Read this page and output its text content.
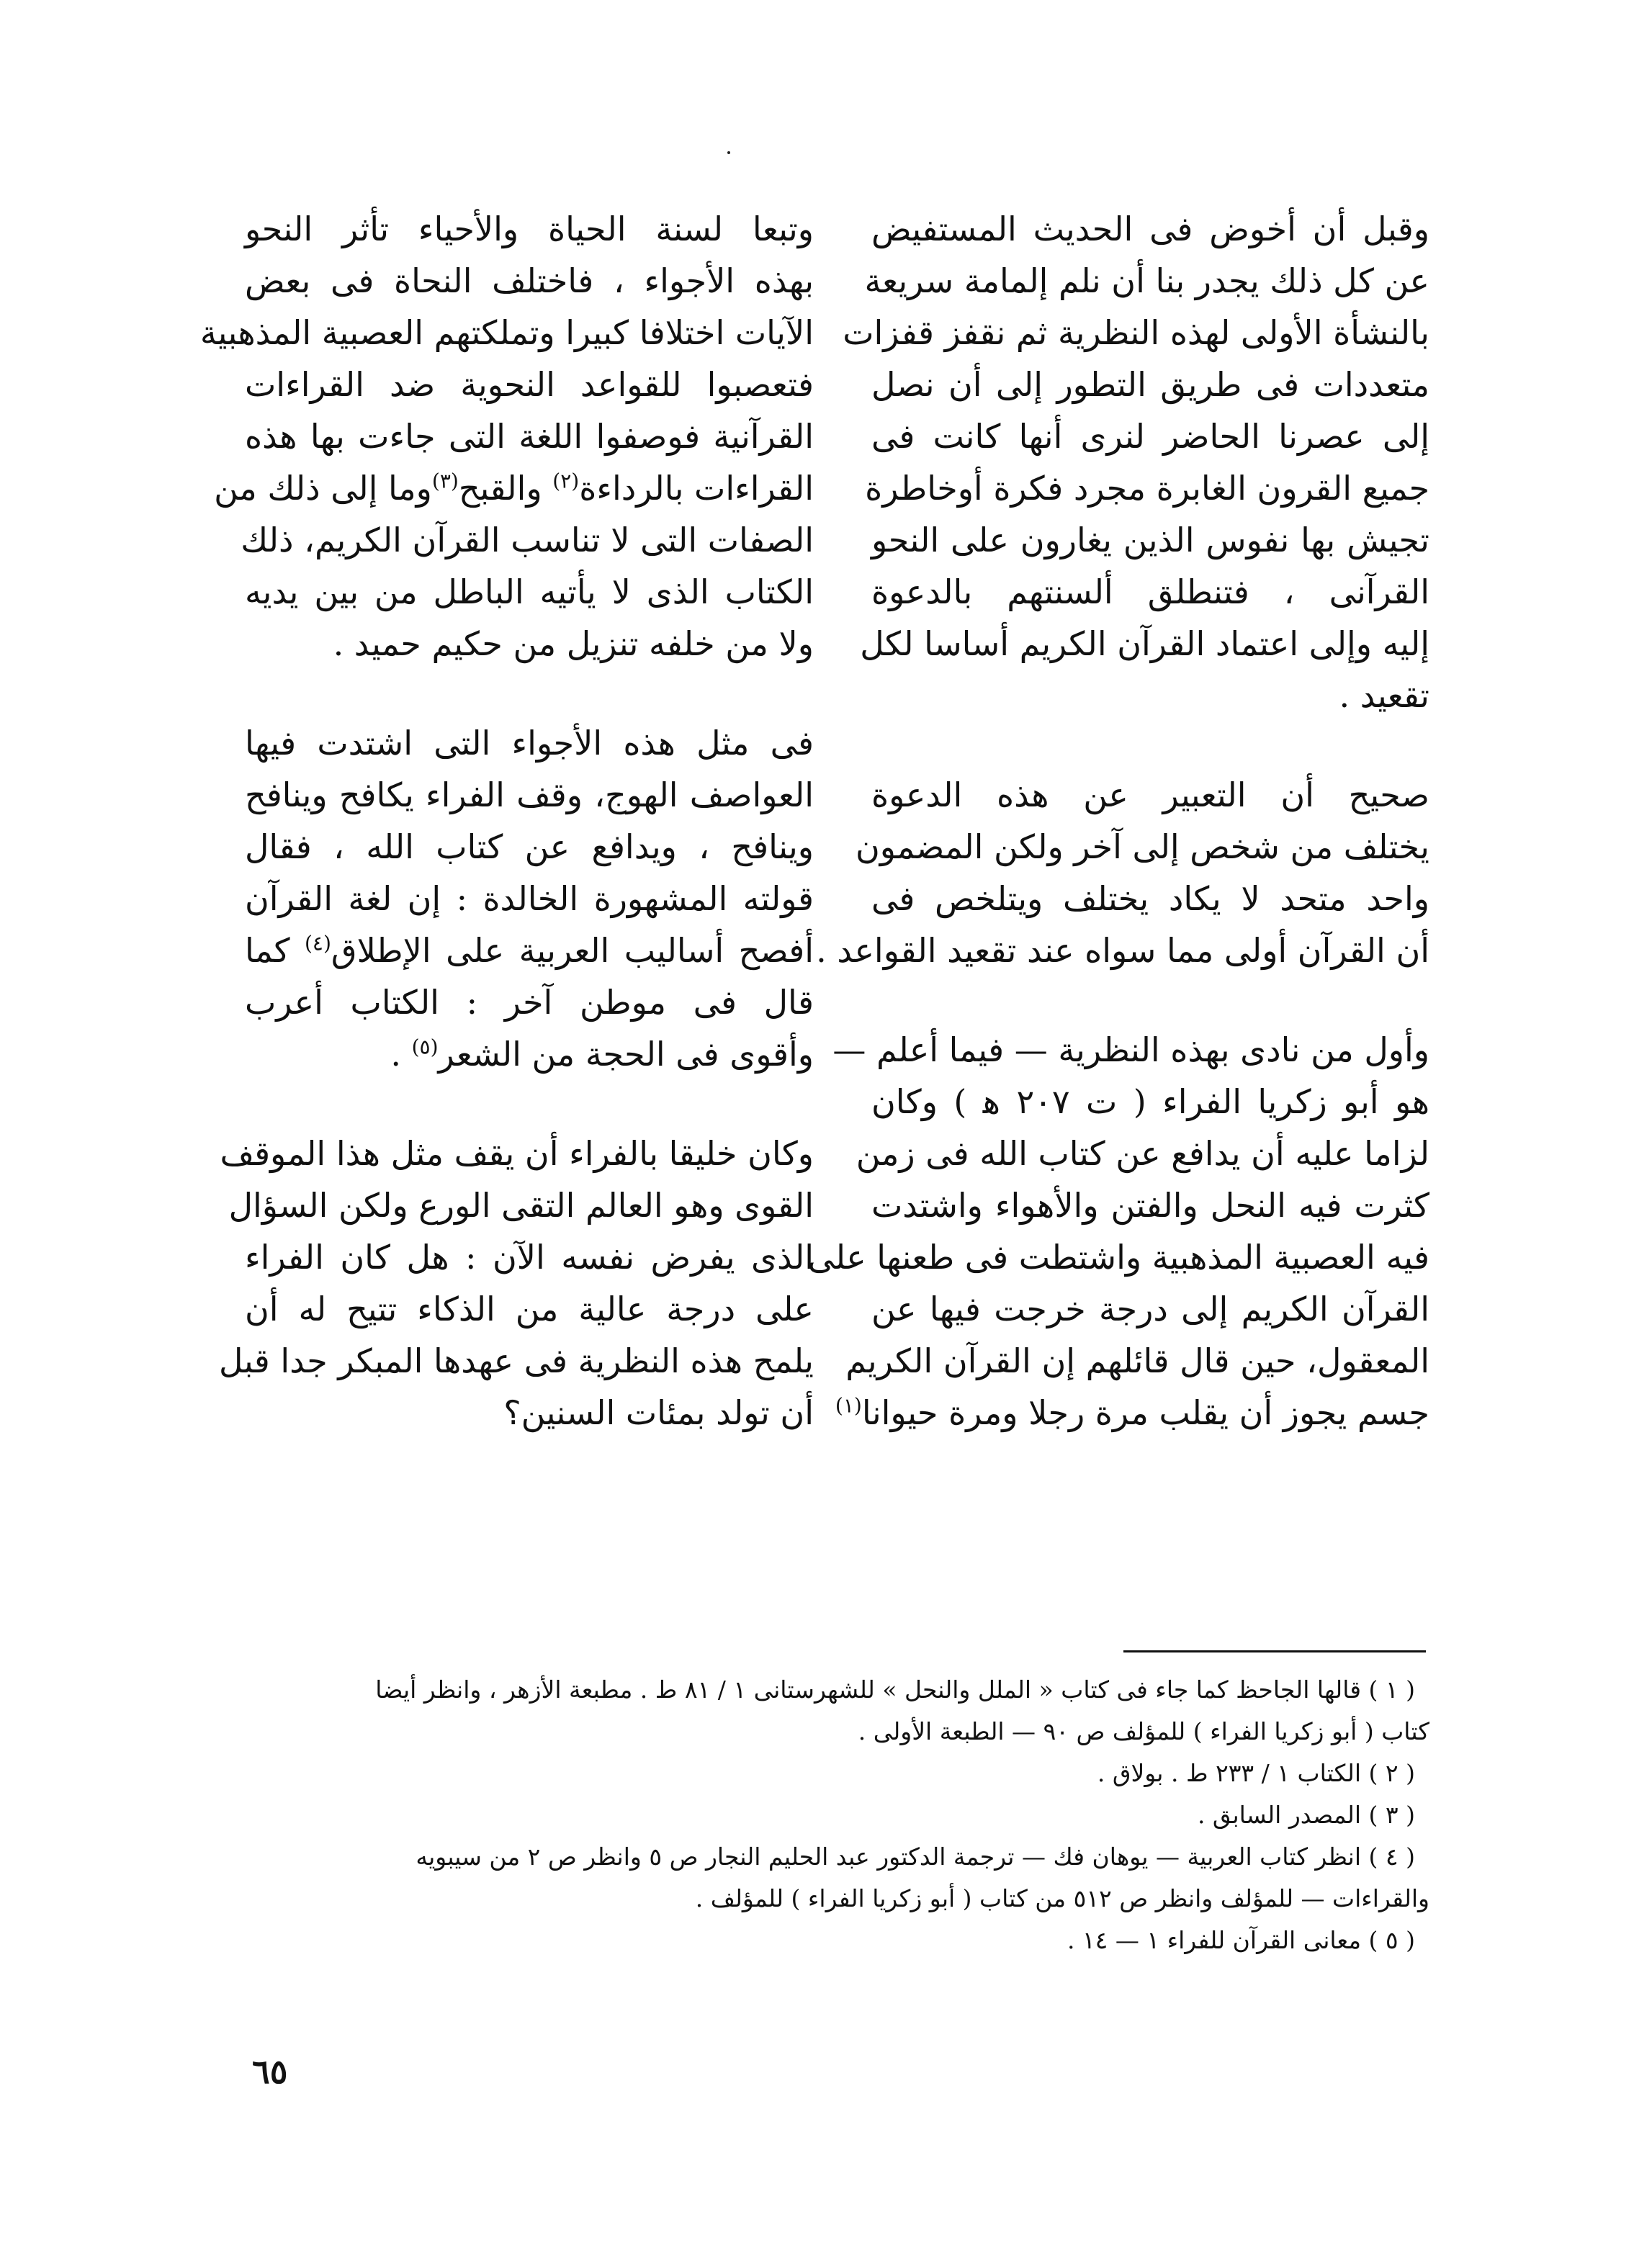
وقبل أن أخوض فى الحديث المستفيض
عن كل ذلك يجدر بنا أن نلم إلمامة سريعة
بالنشأة الأولى لهذه النظرية ثم نقفز قفزات
متعددات فى طريق التطور إلى أن نصل
إلى عصرنا الحاضر لنرى أنها كانت فى
جميع القرون الغابرة مجرد فكرة أوخاطرة
تجيش بها نفوس الذين يغارون على النحو
القرآنى ، فتنطلق ألسنتهم بالدعوة
إليه وإلى اعتماد القرآن الكريم أساسا لكل
تقعيد .
صحيح أن التعبير عن هذه الدعوة
يختلف من شخص إلى آخر ولكن المضمون
واحد متحد لا يكاد يختلف ويتلخص فى
أن القرآن أولى مما سواه عند تقعيد القواعد .
وأول من نادى بهذه النظرية — فيما أعلم —
هو أبو زكريا الفراء ( ت ٢٠٧ ﻫ ) وكان
لزاما عليه أن يدافع عن كتاب الله فى زمن
كثرت فيه النحل والفتن والأهواء واشتدت
فيه العصبية المذهبية واشتطت فى طعنها على
القرآن الكريم إلى درجة خرجت فيها عن
المعقول، حين قال قائلهم إن القرآن الكريم
جسم يجوز أن يقلب مرة رجلا ومرة حيوانا$^{(١)}$
وتبعا لسنة الحياة والأحياء تأثر النحو
بهذه الأجواء ، فاختلف النحاة فى بعض
الآيات اختلافا كبيرا وتملكتهم العصبية المذهبية
فتعصبوا للقواعد النحوية ضد القراءات
القرآنية فوصفوا اللغة التى جاءت بها هذه
القراءات بالرداءة$^{(٢)}$ والقبح$^{(٣)}$وما إلى ذلك من
الصفات التى لا تناسب القرآن الكريم، ذلك
الكتاب الذى لا يأتيه الباطل من بين يديه
ولا من خلفه تنزيل من حكيم حميد .
فى مثل هذه الأجواء التى اشتدت فيها
العواصف الهوج، وقف الفراء يكافح وينافح
وينافح ، ويدافع عن كتاب الله ، فقال
قولته المشهورة الخالدة : إن لغة القرآن
أفصح أساليب العربية على الإطلاق$^{(٤)}$ كما
قال فى موطن آخر : الكتاب أعرب
وأقوى فى الحجة من الشعر$^{(٥)}$ .
وكان خليقا بالفراء أن يقف مثل هذا الموقف
القوى وهو العالم التقى الورع ولكن السؤال
الذى يفرض نفسه الآن : هل كان الفراء
على درجة عالية من الذكاء تتيح له أن
يلمح هذه النظرية فى عهدها المبكر جدا قبل
أن تولد بمئات السنين؟
( ١ ) قالها الجاحظ كما جاء فى كتاب « الملل والنحل » للشهرستانى ١ / ٨١ ط . مطبعة الأزهر ، وانظر أيضا
كتاب ( أبو زكريا الفراء ) للمؤلف ص ٩٠ — الطبعة الأولى .
( ٢ ) الكتاب ١ / ٢٣٣ ط . بولاق .
( ٣ ) المصدر السابق .
( ٤ ) انظر كتاب العربية — يوهان فك — ترجمة الدكتور عبد الحليم النجار ص ٥ وانظر ص ٢ من سيبويه
والقراءات — للمؤلف وانظر ص ٥١٢ من كتاب ( أبو زكريا الفراء ) للمؤلف .
( ٥ ) معانى القرآن للفراء ١ — ١٤ .
٦٥
